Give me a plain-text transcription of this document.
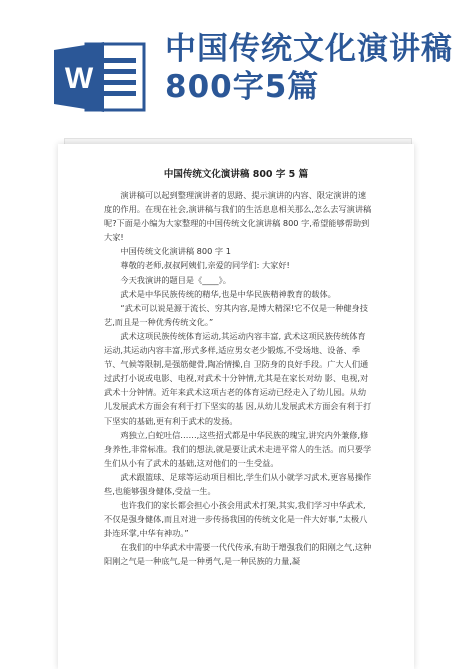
W
中国传统文化演讲稿800字5篇
中国传统文化演讲稿 800 字 5 篇

演讲稿可以起到整理演讲者的思路、提示演讲的内容、限定演讲的速度的作用。在现在社会,演讲稿与我们的生活息息相关那么,怎么去写演讲稿呢?下面是小编为大家整理的中国传统文化演讲稿 800 字,希望能够帮助到大家!

中国传统文化演讲稿 800 字 1

尊敬的老师,叔叔阿姨们,亲爱的同学们: 大家好!

今天我演讲的题目是《____》。

武术是中华民族传统的精华,也是中华民族精神教育的载体。

“武术可以说是源于流长、穷其内容,是博大精深!它不仅是一种健身技艺,而且是一种优秀传统文化。”

武术这项民族传统体育运动,其运动内容丰富, 武术这项民族传统体育运动,其运动内容丰富,形式多样,适应男女老少锻炼,不受场地、设备、季节、气候等限制,是强筋健骨,陶冶情操,自 卫防身的良好手段。广大人们通过武打小说或电影、电视,对武术十分钟情,尤其是在家长对幼 影、电视,对武术十分钟情。近年来武术这项古老的体育运动已经走入了幼儿园。从幼儿发展武术方面会有利于打下坚实的基 因,从幼儿发展武术方面会有利于打下坚实的基础,更有利于武术的发扬。

鸡独立,白蛇吐信……,这些招式都是中华民族的瑰宝,讲究内外兼修,修身养性,非常标准。我们的想法,就是要让武术走进平常人的生活。而只要学生们从小有了武术的基础,这对他们的一生受益。

武术跟篮球、足球等运动项目相比,学生们从小就学习武术,更容易操作些,也能够强身健体,受益一生。

也许我们的家长都会担心小孩会用武术打架,其实,我们学习中华武术,不仅是强身健体,而且对进一步传扬我国的传统文化是一件大好事,“太极八卦连环掌,中华有神功。”

在我们的中华武术中需要一代代传承,有助于增强我们的阳刚之气,这种阳刚之气是一种底气,是一种勇气,是一种民族的力量,凝
